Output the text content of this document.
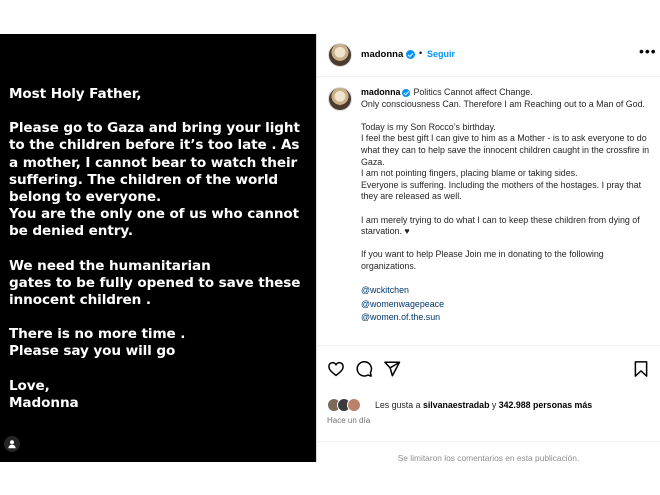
Most Holy Father,

Please go to Gaza and bring your light
to the children before it’s too late . As
a mother, I cannot bear to watch their
suffering. The children of the world
belong to everyone.
You are the only one of us who cannot
be denied entry.

We need the humanitarian
gates to be fully opened to save these
innocent children .

There is no more time .
Please say you will go

Love,
Madonna

madonna • Seguir	•••

madonna Politics Cannot affect Change.
Only consciousness Can. Therefore I am Reaching out to a Man of God.

Today is my Son Rocco’s birthday.
I feel the best gift I can give to him as a Mother - is to ask everyone to do what they can to help save the innocent children caught in the crossfire in Gaza.
I am not pointing fingers, placing blame or taking sides.
Everyone is suffering. Including the mothers of the hostages. I pray that they are released as well.

I am merely trying to do what I can to keep these children from dying of starvation. ♥

If you want to help Please Join me in donating to the following organizations.

@wckitchen
@womenwagepeace
@women.of.the.sun
Les gusta a silvanaestradab y 342.988 personas más
Hace un día
Se limitaron los comentarios en esta publicación.
